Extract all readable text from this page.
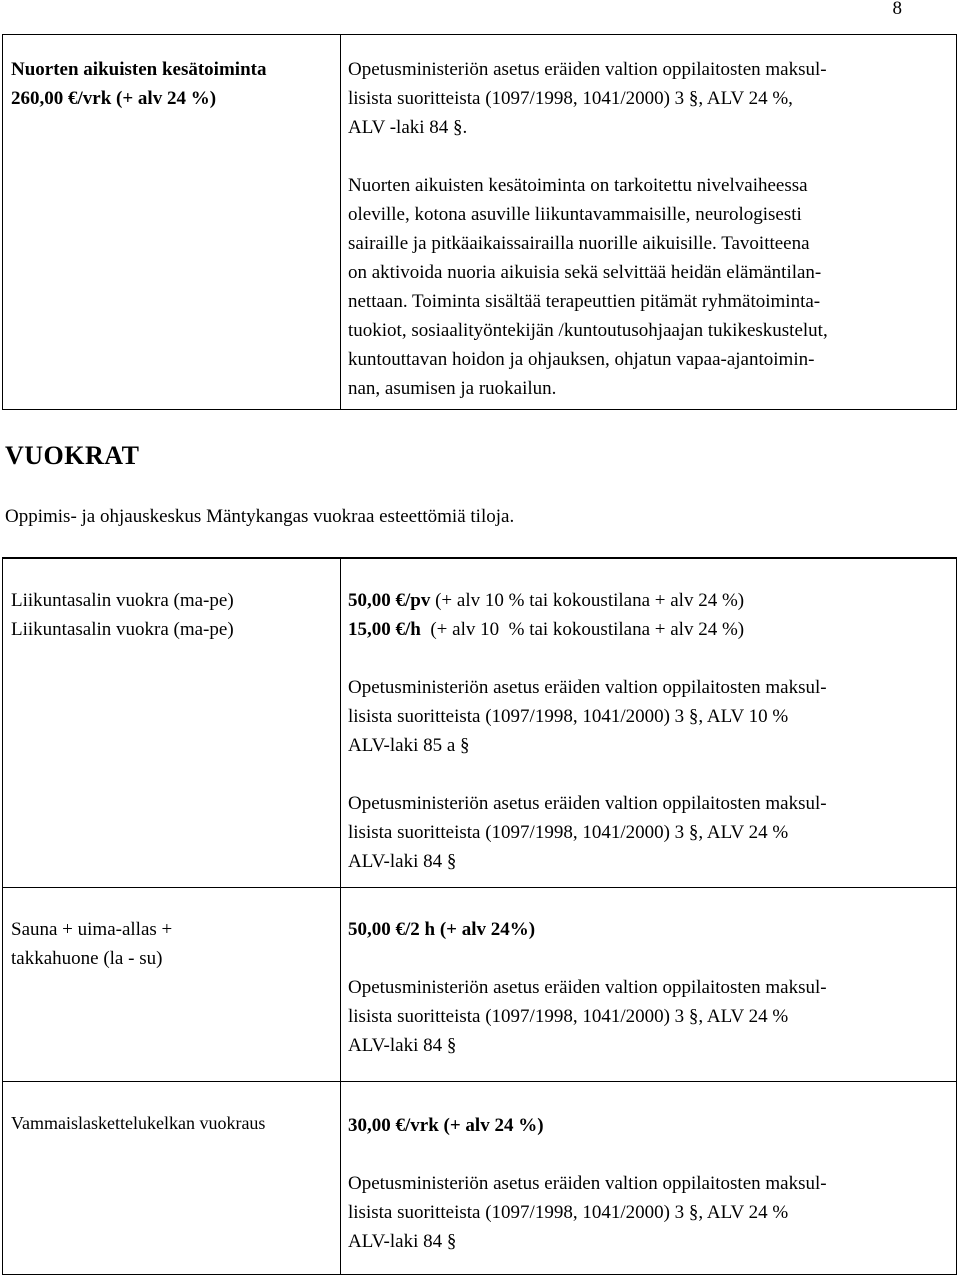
8
Nuorten aikuisten kesätoiminta
260,00 €/vrk (+ alv 24 %)

Opetusministeriön asetus eräiden valtion oppilaitosten maksul-
lisista suoritteista (1097/1998, 1041/2000) 3 §, ALV 24 %,
ALV -laki 84 §.

Nuorten aikuisten kesätoiminta on tarkoitettu nivelvaiheessa
oleville, kotona asuville liikuntavammaisille, neurologisesti
sairaille ja pitkäaikaissairailla nuorille aikuisille. Tavoitteena
on aktivoida nuoria aikuisia sekä selvittää heidän elämäntilan-
nettaan. Toiminta sisältää terapeuttien pitämät ryhmätoiminta-
tuokiot, sosiaalityöntekijän /kuntoutusohjaajan tukikeskustelut,
kuntouttavan hoidon ja ohjauksen, ohjatun vapaa-ajantoimin-
nan, asumisen ja ruokailun.

VUOKRAT
Oppimis- ja ohjauskeskus Mäntykangas vuokraa esteettömiä tiloja.
Liikuntasalin vuokra (ma-pe)
Liikuntasalin vuokra (ma-pe)
50,00 €/pv (+ alv 10 % tai kokoustilana + alv 24 %)
15,00 €/h  (+ alv 10  % tai kokoustilana + alv 24 %)

Opetusministeriön asetus eräiden valtion oppilaitosten maksul-
lisista suoritteista (1097/1998, 1041/2000) 3 §, ALV 10 %
ALV-laki 85 a §

Opetusministeriön asetus eräiden valtion oppilaitosten maksul-
lisista suoritteista (1097/1998, 1041/2000) 3 §, ALV 24 %
ALV-laki 84 §

Sauna + uima-allas +
takkahuone (la - su)
50,00 €/2 h (+ alv 24%)

Opetusministeriön asetus eräiden valtion oppilaitosten maksul-
lisista suoritteista (1097/1998, 1041/2000) 3 §, ALV 24 %
ALV-laki 84 §

Vammaislaskettelukelkan vuokraus	30,00 €/vrk (+ alv 24 %)

Opetusministeriön asetus eräiden valtion oppilaitosten maksul-
lisista suoritteista (1097/1998, 1041/2000) 3 §, ALV 24 %
ALV-laki 84 §
